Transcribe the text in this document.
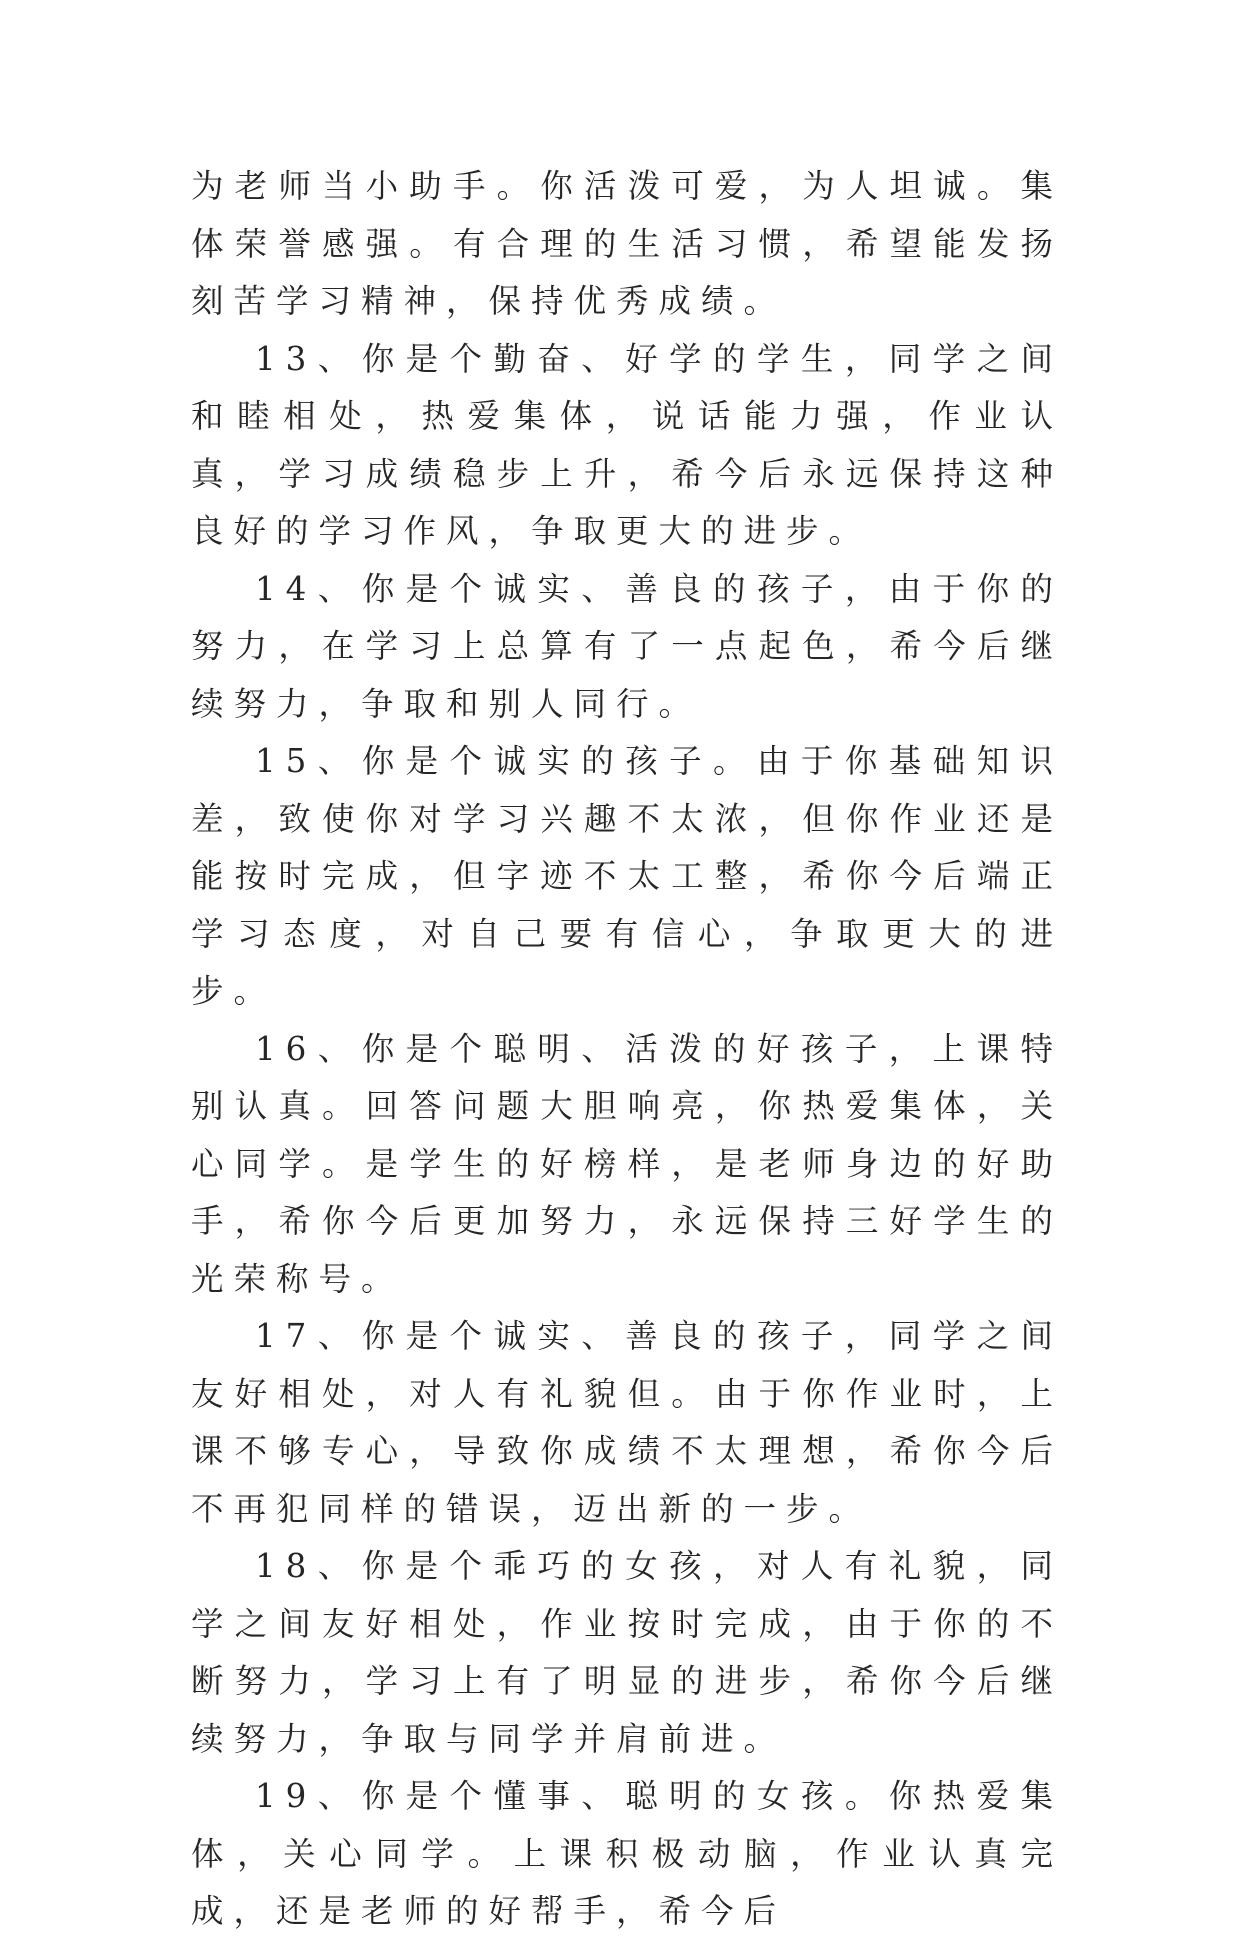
为老师当小助手。你活泼可爱，为人坦诚。集体荣誉感强。有合理的生活习惯，希望能发扬刻苦学习精神，保持优秀成绩。

13、你是个勤奋、好学的学生，同学之间和睦相处，热爱集体，说话能力强，作业认真，学习成绩稳步上升，希今后永远保持这种良好的学习作风，争取更大的进步。

14、你是个诚实、善良的孩子，由于你的努力，在学习上总算有了一点起色，希今后继续努力，争取和别人同行。

15、你是个诚实的孩子。由于你基础知识差，致使你对学习兴趣不太浓，但你作业还是能按时完成，但字迹不太工整，希你今后端正学习态度，对自己要有信心，争取更大的进步。

16、你是个聪明、活泼的好孩子，上课特别认真。回答问题大胆响亮，你热爱集体，关心同学。是学生的好榜样，是老师身边的好助手，希你今后更加努力，永远保持三好学生的光荣称号。

17、你是个诚实、善良的孩子，同学之间友好相处，对人有礼貌但。由于你作业时，上课不够专心，导致你成绩不太理想，希你今后不再犯同样的错误，迈出新的一步。

18、你是个乖巧的女孩，对人有礼貌，同学之间友好相处，作业按时完成，由于你的不断努力，学习上有了明显的进步，希你今后继续努力，争取与同学并肩前进。

19、你是个懂事、聪明的女孩。你热爱集体，关心同学。上课积极动脑，作业认真完成，还是老师的好帮手，希今后
